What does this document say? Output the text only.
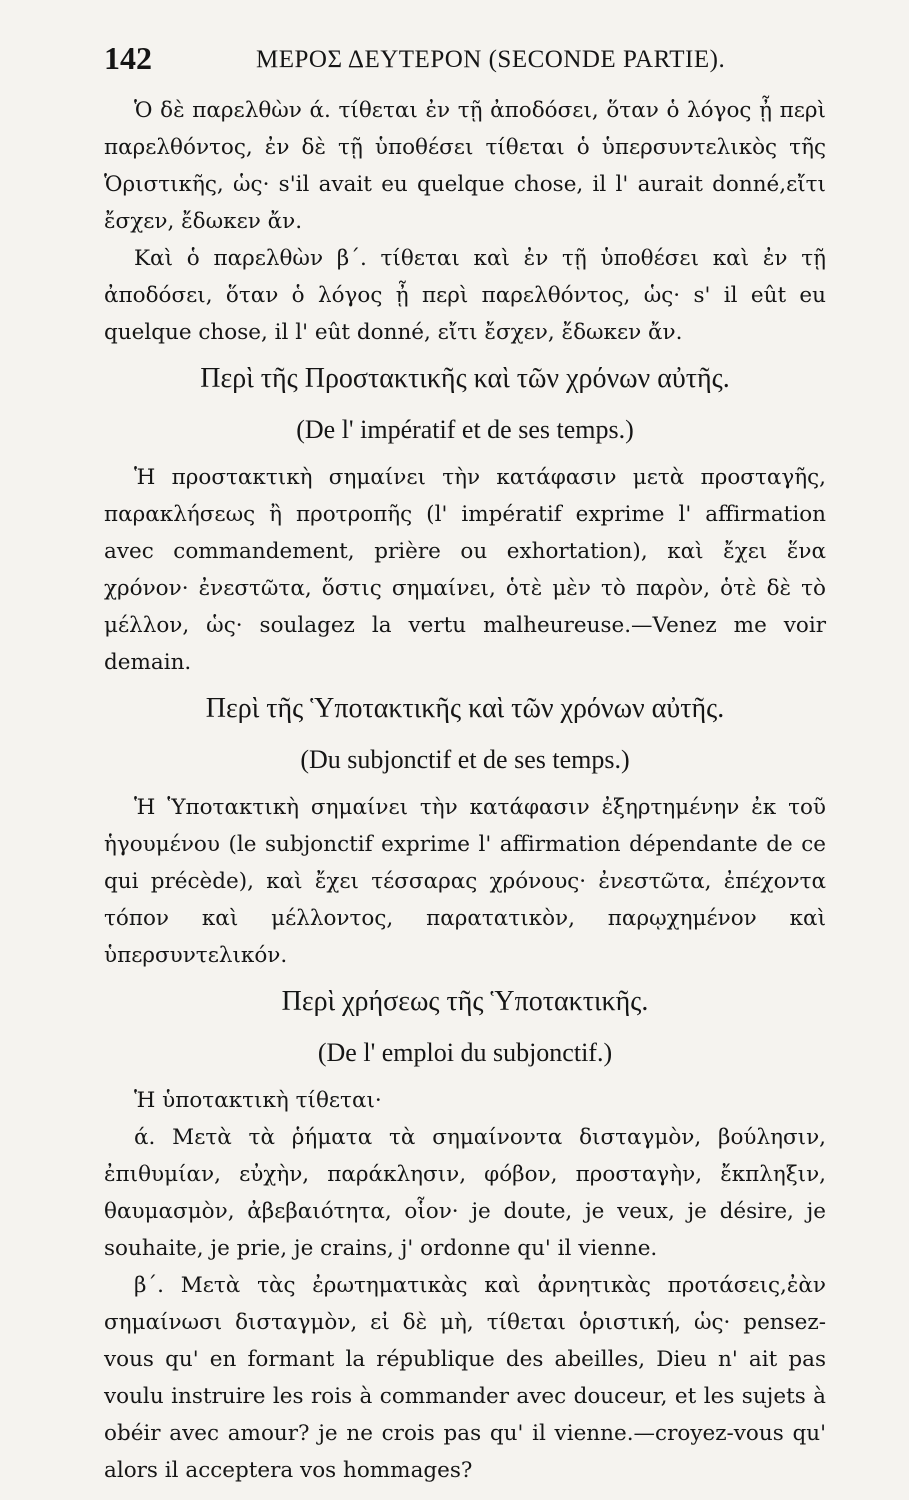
142	ΜΕΡΟΣ ΔΕΥΤΕΡΟΝ (SECONDE PARTIE).

Ὁ δὲ παρελθὼν ά. τίθεται ἐν τῇ ἀποδόσει, ὅταν ὁ λόγος ᾖ περὶ παρελθόντος, ἐν δὲ τῇ ὑποθέσει τίθεται ὁ ὑπερσυντελικὸς τῆς Ὁριστικῆς, ὡς· s'il avait eu quelque chose, il l' aurait donné,εἴτι ἔσχεν, ἔδωκεν ἄν.

Καὶ ὁ παρελθὼν β΄. τίθεται καὶ ἐν τῇ ὑποθέσει καὶ ἐν τῇ ἀποδόσει, ὅταν ὁ λόγος ᾖ περὶ παρελθόντος, ὡς· s' il eût eu quelque chose, il l' eût donné, εἴτι ἔσχεν, ἔδωκεν ἄν.

Περὶ τῆς Προστακτικῆς καὶ τῶν χρόνων αὐτῆς.
(De l' impératif et de ses temps.)

Ἡ προστακτικὴ σημαίνει τὴν κατάφασιν μετὰ προσταγῆς, παρακλήσεως ἢ προτροπῆς (l' impératif exprime l' affirmation avec commandement, prière ou exhortation), καὶ ἔχει ἕνα χρόνον· ἐνεστῶτα, ὅστις σημαίνει, ὁτὲ μὲν τὸ παρὸν, ὁτὲ δὲ τὸ μέλλον, ὡς· soulagez la vertu malheureuse.—Venez me voir demain.

Περὶ τῆς Ὑποτακτικῆς καὶ τῶν χρόνων αὐτῆς.
(Du subjonctif et de ses temps.)

Ἡ Ὑποτακτικὴ σημαίνει τὴν κατάφασιν ἐξηρτημένην ἐκ τοῦ ἡγουμένου (le subjonctif exprime l' affirmation dépendante de ce qui précède), καὶ ἔχει τέσσαρας χρόνους· ἐνεστῶτα, ἐπέχοντα τόπον καὶ μέλλοντος, παρατατικὸν, παρῳχημένον καὶ ὑπερσυντελικόν.

Περὶ χρήσεως τῆς Ὑποτακτικῆς.
(De l' emploi du subjonctif.)

Ἡ ὑποτακτικὴ τίθεται·

ά. Μετὰ τὰ ῥήματα τὰ σημαίνοντα δισταγμὸν, βούλησιν, ἐπιθυμίαν, εὐχὴν, παράκλησιν, φόβον, προσταγὴν, ἔκπληξιν, θαυμασμὸν, ἀβεβαιότητα, οἷον· je doute, je veux, je désire, je souhaite, je prie, je crains, j' ordonne qu' il vienne.

β΄. Μετὰ τὰς ἐρωτηματικὰς καὶ ἀρνητικὰς προτάσεις,ἐὰν σημαίνωσι δισταγμὸν, εἰ δὲ μὴ, τίθεται ὁριστική, ὡς· pensez-vous qu' en formant la république des abeilles, Dieu n' ait pas voulu instruire les rois à commander avec douceur, et les sujets à obéir avec amour? je ne crois pas qu' il vienne.—croyez-vous qu' alors il acceptera vos hommages?
